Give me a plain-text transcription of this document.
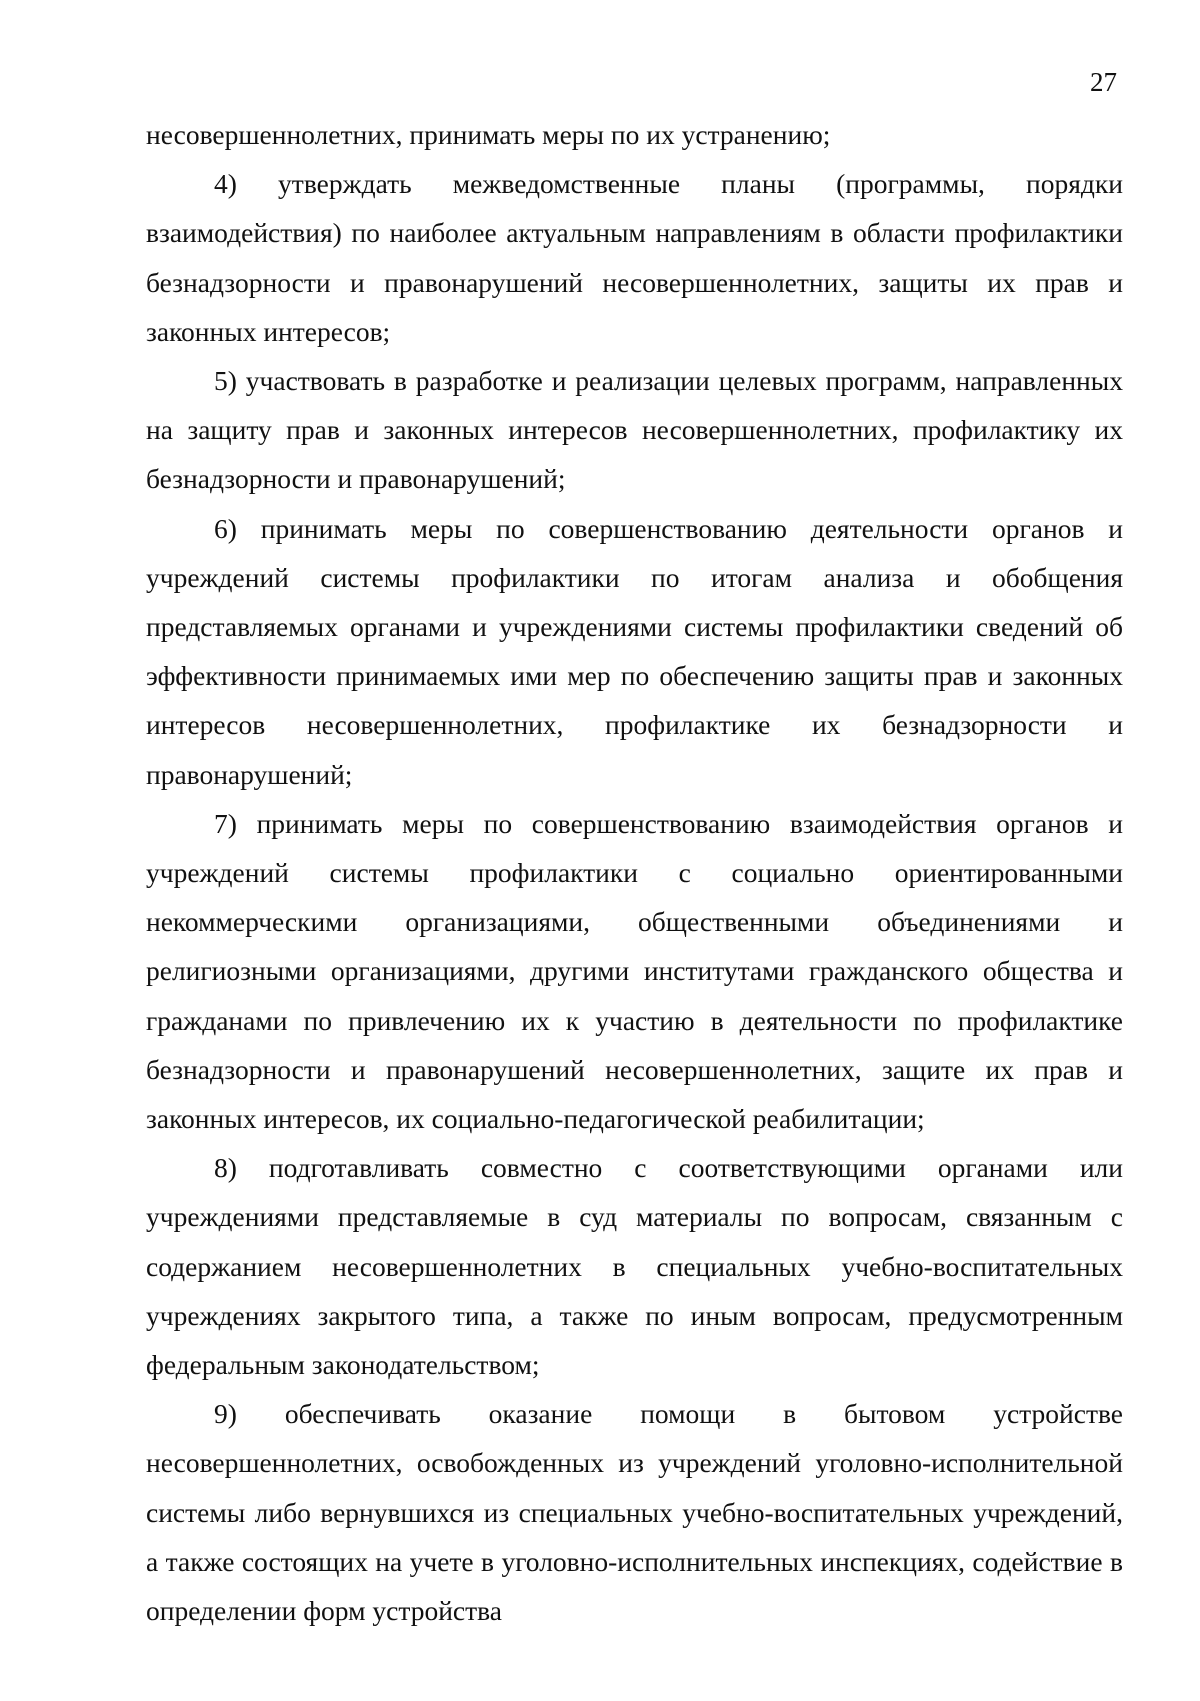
27

несовершеннолетних, принимать меры по их устранению;

4) утверждать межведомственные планы (программы, порядки взаимодействия) по наиболее актуальным направлениям в области профилактики безнадзорности и правонарушений несовершеннолетних, защиты их прав и законных интересов;

5) участвовать в разработке и реализации целевых программ, направленных на защиту прав и законных интересов несовершеннолетних, профилактику их безнадзорности и правонарушений;

6) принимать меры по совершенствованию деятельности органов и учреждений системы профилактики по итогам анализа и обобщения представляемых органами и учреждениями системы профилактики сведений об эффективности принимаемых ими мер по обеспечению защиты прав и законных интересов несовершеннолетних, профилактике их безнадзорности и правонарушений;

7) принимать меры по совершенствованию взаимодействия органов и учреждений системы профилактики с социально ориентированными некоммерческими организациями, общественными объединениями и религиозными организациями, другими институтами гражданского общества и гражданами по привлечению их к участию в деятельности по профилактике безнадзорности и правонарушений несовершеннолетних, защите их прав и законных интересов, их социально-педагогической реабилитации;

8) подготавливать совместно с соответствующими органами или учреждениями представляемые в суд материалы по вопросам, связанным с содержанием несовершеннолетних в специальных учебно-воспитательных учреждениях закрытого типа, а также по иным вопросам, предусмотренным федеральным законодательством;

9) обеспечивать оказание помощи в бытовом устройстве несовершеннолетних, освобожденных из учреждений уголовно-исполнительной системы либо вернувшихся из специальных учебно-воспитательных учреждений, а также состоящих на учете в уголовно-исполнительных инспекциях, содействие в определении форм устройства
